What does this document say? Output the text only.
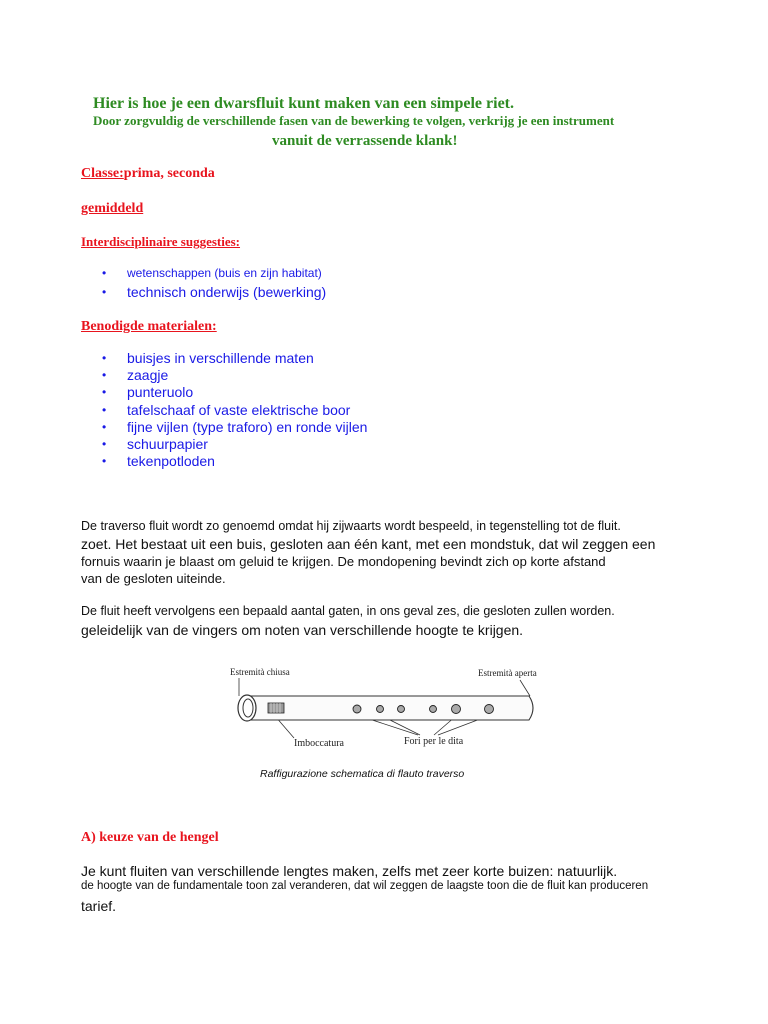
Hier is hoe je een dwarsfluit kunt maken van een simpele riet.
Door zorgvuldig de verschillende fasen van de bewerking te volgen, verkrijg je een instrument
vanuit de verrassende klank!
Classe:prima, seconda
gemiddeld
Interdisciplinaire suggesties:
• wetenschappen (buis en zijn habitat)
• technisch onderwijs (bewerking)
Benodigde materialen:
• buisjes in verschillende maten
• zaagje
• punteruolo
• tafelschaaf of vaste elektrische boor
• fijne vijlen (type traforo) en ronde vijlen
• schuurpapier
• tekenpotloden
De traverso fluit wordt zo genoemd omdat hij zijwaarts wordt bespeeld, in tegenstelling tot de fluit.
zoet. Het bestaat uit een buis, gesloten aan één kant, met een mondstuk, dat wil zeggen een
fornuis waarin je blaast om geluid te krijgen. De mondopening bevindt zich op korte afstand
van de gesloten uiteinde.
De fluit heeft vervolgens een bepaald aantal gaten, in ons geval zes, die gesloten zullen worden.
geleidelijk van de vingers om noten van verschillende hoogte te krijgen.
Estremità chiusa	Estremità aperta
Imboccatura	Fori per le dita
Raffigurazione schematica di flauto traverso
A) keuze van de hengel
Je kunt fluiten van verschillende lengtes maken, zelfs met zeer korte buizen: natuurlijk.
de hoogte van de fundamentale toon zal veranderen, dat wil zeggen de laagste toon die de fluit kan produceren
tarief.
